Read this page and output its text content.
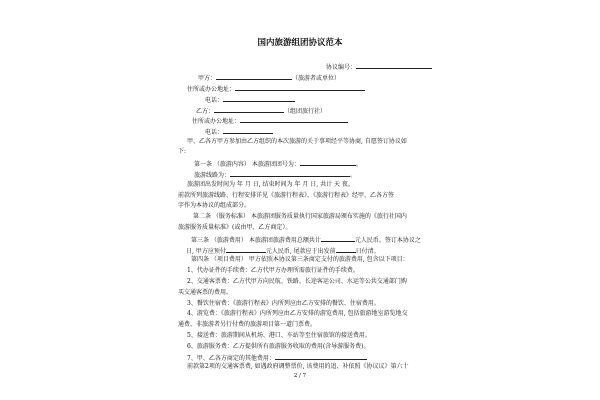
国内旅游组团协议范本
协议编号：
甲方：	（旅游者或单位）
住所或办公地址：
电话：
乙方：	（组团旅行社）
住所或办公地址：
电话：
甲、乙各方甲方参加由乙方组织的本次旅游的关于事项经平等协商, 自愿签订协议如
下:
第一条 （旅游内容） 本旅游团团号为：	。
旅游线路为：	。
旅游团出发时间为 年 月 日, 结束时间为 年 月 日, 共计 天 夜。
前款所列旅游线路、行程安排详见《旅游行程表》、《旅游行程表》经甲、乙各方签
字作为本协议的组成部分。
第二条 （服务标准） 本旅游团服务质量执行国家旅游局颁布实施的《旅行社国内
旅游服务质量标准》(或由甲、乙方商定）。
第三条 （旅游费用） 本旅游团旅游费用总额共计	元人民币。签订本协议之
日, 甲方应预付	元人民币, 尾款应于出发前	日付清。
第四条 （项目费用） 甲方依照本协议第三条商定支付的旅游费用, 包含以下项目：
1、代办证件的手续费：乙方代甲方办理所需旅行证件的手续费。
2、交通客票费：乙方代甲方向民航、铁路、长途客运公司、水运等公共交通部门购
买交通客票的费用。
3、餐饮住宿费：《旅游行程表》内所列应由乙方安排的餐饮、住宿费用。
4、游览费：《旅游行程表》内所列应由乙方安排的游览费用, 包括旅游地室游览地交
通费、非旅游者另行付费的旅游项目第一道门票费。
5、接送费：旅游期间从机场、港口、车站等至住宿旅馆的接送费用。
6、旅游服务费：乙方提供所有旅游服务收取的费用(含导游服务费)。
7、甲、乙各方商定的其他费用：
前款第2项的交通客票费, 如遇政府调整票价, 该费用的追、补依照《协议议》第六十
2 / 7
